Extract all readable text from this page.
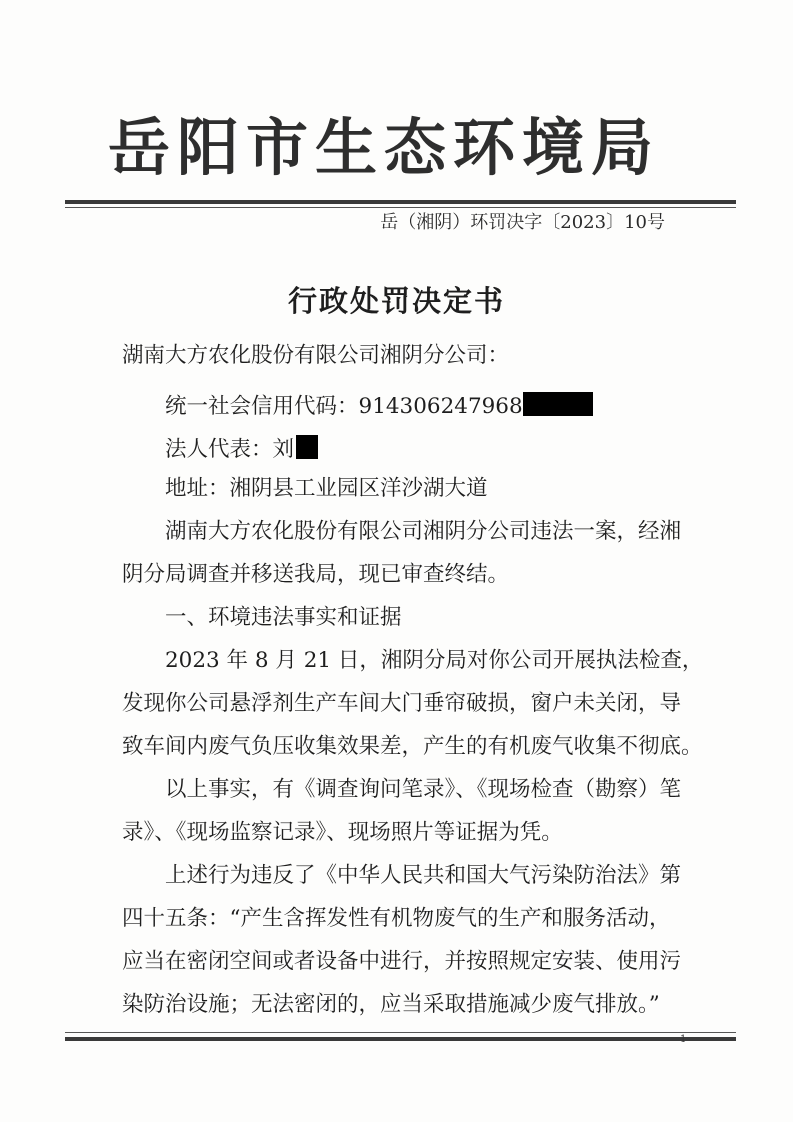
岳阳市生态环境局
岳（湘阴）环罚决字〔2023〕10号
行政处罚决定书
湖南大方农化股份有限公司湘阴分公司：
统一社会信用代码：914306247968
法人代表：刘
地址：湘阴县工业园区洋沙湖大道
湖南大方农化股份有限公司湘阴分公司违法一案，经湘
阴分局调查并移送我局，现已审查终结。
一、环境违法事实和证据
2023 年 8 月 21 日，湘阴分局对你公司开展执法检查，
发现你公司悬浮剂生产车间大门垂帘破损，窗户未关闭，导
致车间内废气负压收集效果差，产生的有机废气收集不彻底。
以上事实，有《调查询问笔录》、《现场检查（勘察）笔
录》、《现场监察记录》、现场照片等证据为凭。
上述行为违反了《中华人民共和国大气污染防治法》第
四十五条：“产生含挥发性有机物废气的生产和服务活动，
应当在密闭空间或者设备中进行，并按照规定安装、使用污
染防治设施；无法密闭的，应当采取措施减少废气排放。”
1
